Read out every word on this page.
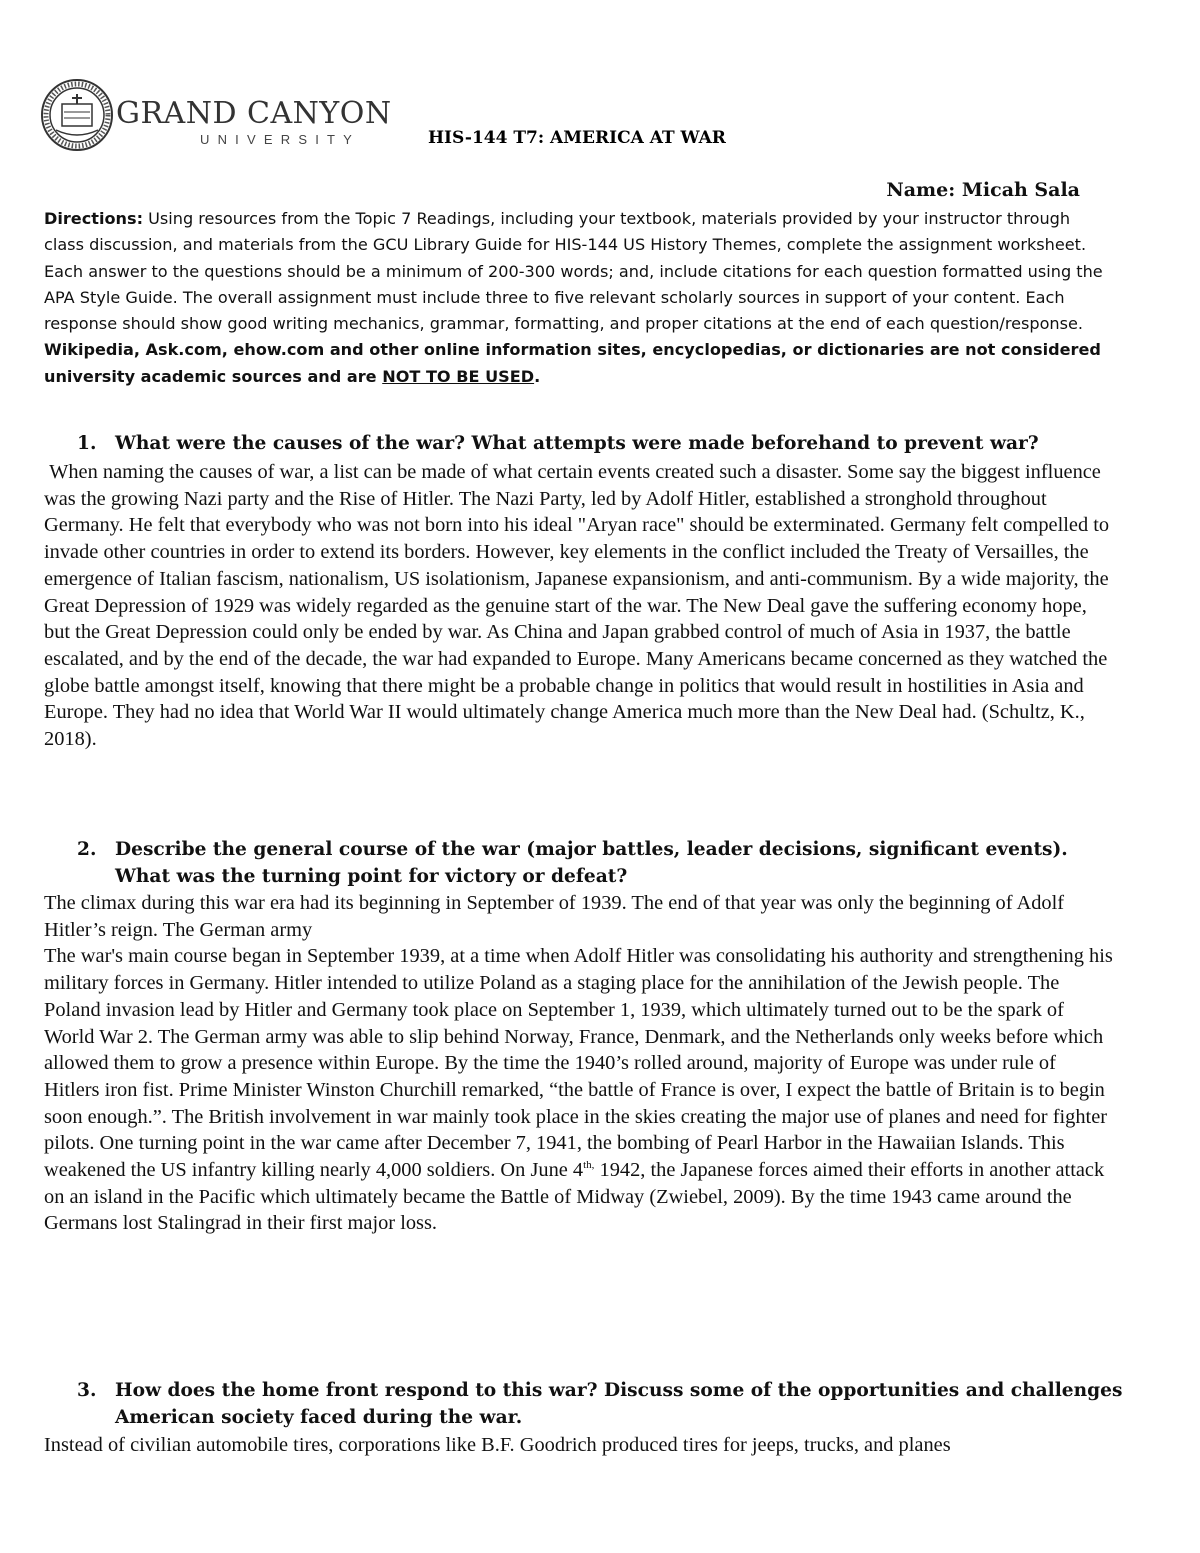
GRAND CANYON
UNIVERSITY	HIS-144 T7: AMERICA AT WAR
Name: Micah Sala

Directions: Using resources from the Topic 7 Readings, including your textbook, materials provided by your instructor through class discussion, and materials from the GCU Library Guide for HIS-144 US History Themes, complete the assignment worksheet. Each answer to the questions should be a minimum of 200-300 words; and, include citations for each question formatted using the APA Style Guide. The overall assignment must include three to five relevant scholarly sources in support of your content. Each response should show good writing mechanics, grammar, formatting, and proper citations at the end of each question/response. Wikipedia, Ask.com, ehow.com and other online information sites, encyclopedias, or dictionaries are not considered university academic sources and are NOT TO BE USED.

1. What were the causes of the war? What attempts were made beforehand to prevent war?

When naming the causes of war, a list can be made of what certain events created such a disaster. Some say the biggest influence was the growing Nazi party and the Rise of Hitler. The Nazi Party, led by Adolf Hitler, established a stronghold throughout Germany. He felt that everybody who was not born into his ideal "Aryan race" should be exterminated. Germany felt compelled to invade other countries in order to extend its borders. However, key elements in the conflict included the Treaty of Versailles, the emergence of Italian fascism, nationalism, US isolationism, Japanese expansionism, and anti-communism. By a wide majority, the Great Depression of 1929 was widely regarded as the genuine start of the war. The New Deal gave the suffering economy hope, but the Great Depression could only be ended by war. As China and Japan grabbed control of much of Asia in 1937, the battle escalated, and by the end of the decade, the war had expanded to Europe. Many Americans became concerned as they watched the globe battle amongst itself, knowing that there might be a probable change in politics that would result in hostilities in Asia and Europe. They had no idea that World War II would ultimately change America much more than the New Deal had. (Schultz, K., 2018).

2. Describe the general course of the war (major battles, leader decisions, significant events). What was the turning point for victory or defeat?

The climax during this war era had its beginning in September of 1939. The end of that year was only the beginning of Adolf Hitler’s reign. The German army

The war's main course began in September 1939, at a time when Adolf Hitler was consolidating his authority and strengthening his military forces in Germany. Hitler intended to utilize Poland as a staging place for the annihilation of the Jewish people. The Poland invasion lead by Hitler and Germany took place on September 1, 1939, which ultimately turned out to be the spark of World War 2. The German army was able to slip behind Norway, France, Denmark, and the Netherlands only weeks before which allowed them to grow a presence within Europe. By the time the 1940’s rolled around, majority of Europe was under rule of Hitlers iron fist. Prime Minister Winston Churchill remarked, “the battle of France is over, I expect the battle of Britain is to begin soon enough.”. The British involvement in war mainly took place in the skies creating the major use of planes and need for fighter pilots. One turning point in the war came after December 7, 1941, the bombing of Pearl Harbor in the Hawaiian Islands. This weakened the US infantry killing nearly 4,000 soldiers. On June $4^{th,}$ 1942, the Japanese forces aimed their efforts in another attack on an island in the Pacific which ultimately became the Battle of Midway (Zwiebel, 2009). By the time 1943 came around the Germans lost Stalingrad in their first major loss.

3. How does the home front respond to this war? Discuss some of the opportunities and challenges American society faced during the war.

Instead of civilian automobile tires, corporations like B.F. Goodrich produced tires for jeeps, trucks, and planes
